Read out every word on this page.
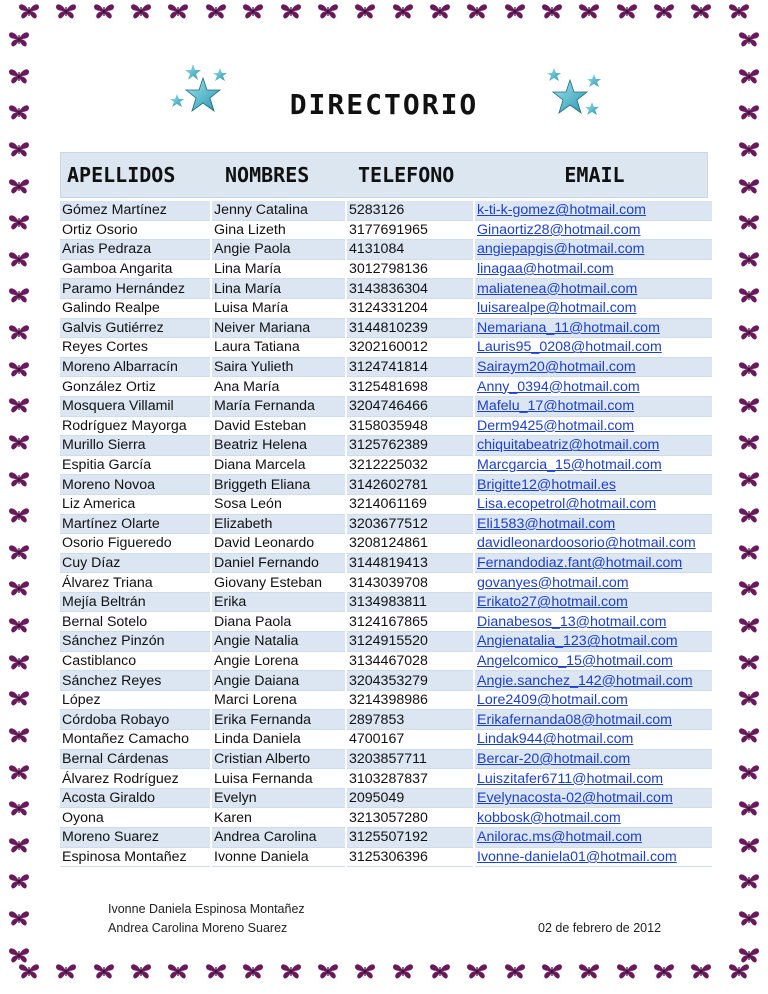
DIRECTORIO
APELLIDOS	NOMBRES	TELEFONO	EMAIL
Gómez Martínez	Jenny Catalina	5283126	k-ti-k-gomez@hotmail.com
Ortiz Osorio	Gina Lizeth	3177691965	Ginaortiz28@hotmail.com
Arias Pedraza	Angie Paola	4131084	angiepapgis@hotmail.com
Gamboa Angarita	Lina María	3012798136	linagaa@hotmail.com
Paramo Hernández	Lina María	3143836304	maliatenea@hotmail.com
Galindo Realpe	Luisa María	3124331204	luisarealpe@hotmail.com
Galvis Gutiérrez	Neiver Mariana	3144810239	Nemariana_11@hotmail.com
Reyes Cortes	Laura Tatiana	3202160012	Lauris95_0208@hotmail.com
Moreno Albarracín	Saira Yulieth	3124741814	Sairaym20@hotmail.com
González Ortiz	Ana María	3125481698	Anny_0394@hotmail.com
Mosquera Villamil	María Fernanda	3204746466	Mafelu_17@hotmail.com
Rodríguez Mayorga	David Esteban	3158035948	Derm9425@hotmail.com
Murillo Sierra	Beatriz Helena	3125762389	chiquitabeatriz@hotmail.com
Espitia García	Diana Marcela	3212225032	Marcgarcia_15@hotmail.com
Moreno Novoa	Briggeth Eliana	3142602781	Brigitte12@hotmail.es
Liz America	Sosa León	3214061169	Lisa.ecopetrol@hotmail.com
Martínez Olarte	Elizabeth	3203677512	Eli1583@hotmail.com
Osorio Figueredo	David Leonardo	3208124861	davidleonardoosorio@hotmail.com
Cuy Díaz	Daniel Fernando	3144819413	Fernandodiaz.fant@hotmail.com
Álvarez Triana	Giovany Esteban	3143039708	govanyes@hotmail.com
Mejía Beltrán	Erika	3134983811	Erikato27@hotmail.com
Bernal Sotelo	Diana Paola	3124167865	Dianabesos_13@hotmail.com
Sánchez Pinzón	Angie Natalia	3124915520	Angienatalia_123@hotmail.com
Castiblanco	Angie Lorena	3134467028	Angelcomico_15@hotmail.com
Sánchez Reyes	Angie Daiana	3204353279	Angie.sanchez_142@hotmail.com
López	Marci Lorena	3214398986	Lore2409@hotmail.com
Córdoba Robayo	Erika Fernanda	2897853	Erikafernanda08@hotmail.com
Montañez Camacho	Linda Daniela	4700167	Lindak944@hotmail.com
Bernal Cárdenas	Cristian Alberto	3203857711	Bercar-20@hotmail.com
Álvarez Rodríguez	Luisa Fernanda	3103287837	Luiszitafer6711@hotmail.com
Acosta Giraldo	Evelyn	2095049	Evelynacosta-02@hotmail.com
Oyona	Karen	3213057280	kobbosk@hotmail.com
Moreno Suarez	Andrea Carolina	3125507192	Anilorac.ms@hotmail.com
Espinosa Montañez	Ivonne Daniela	3125306396	Ivonne-daniela01@hotmail.com
Ivonne Daniela Espinosa Montañez
Andrea Carolina Moreno Suarez	02 de febrero de 2012
